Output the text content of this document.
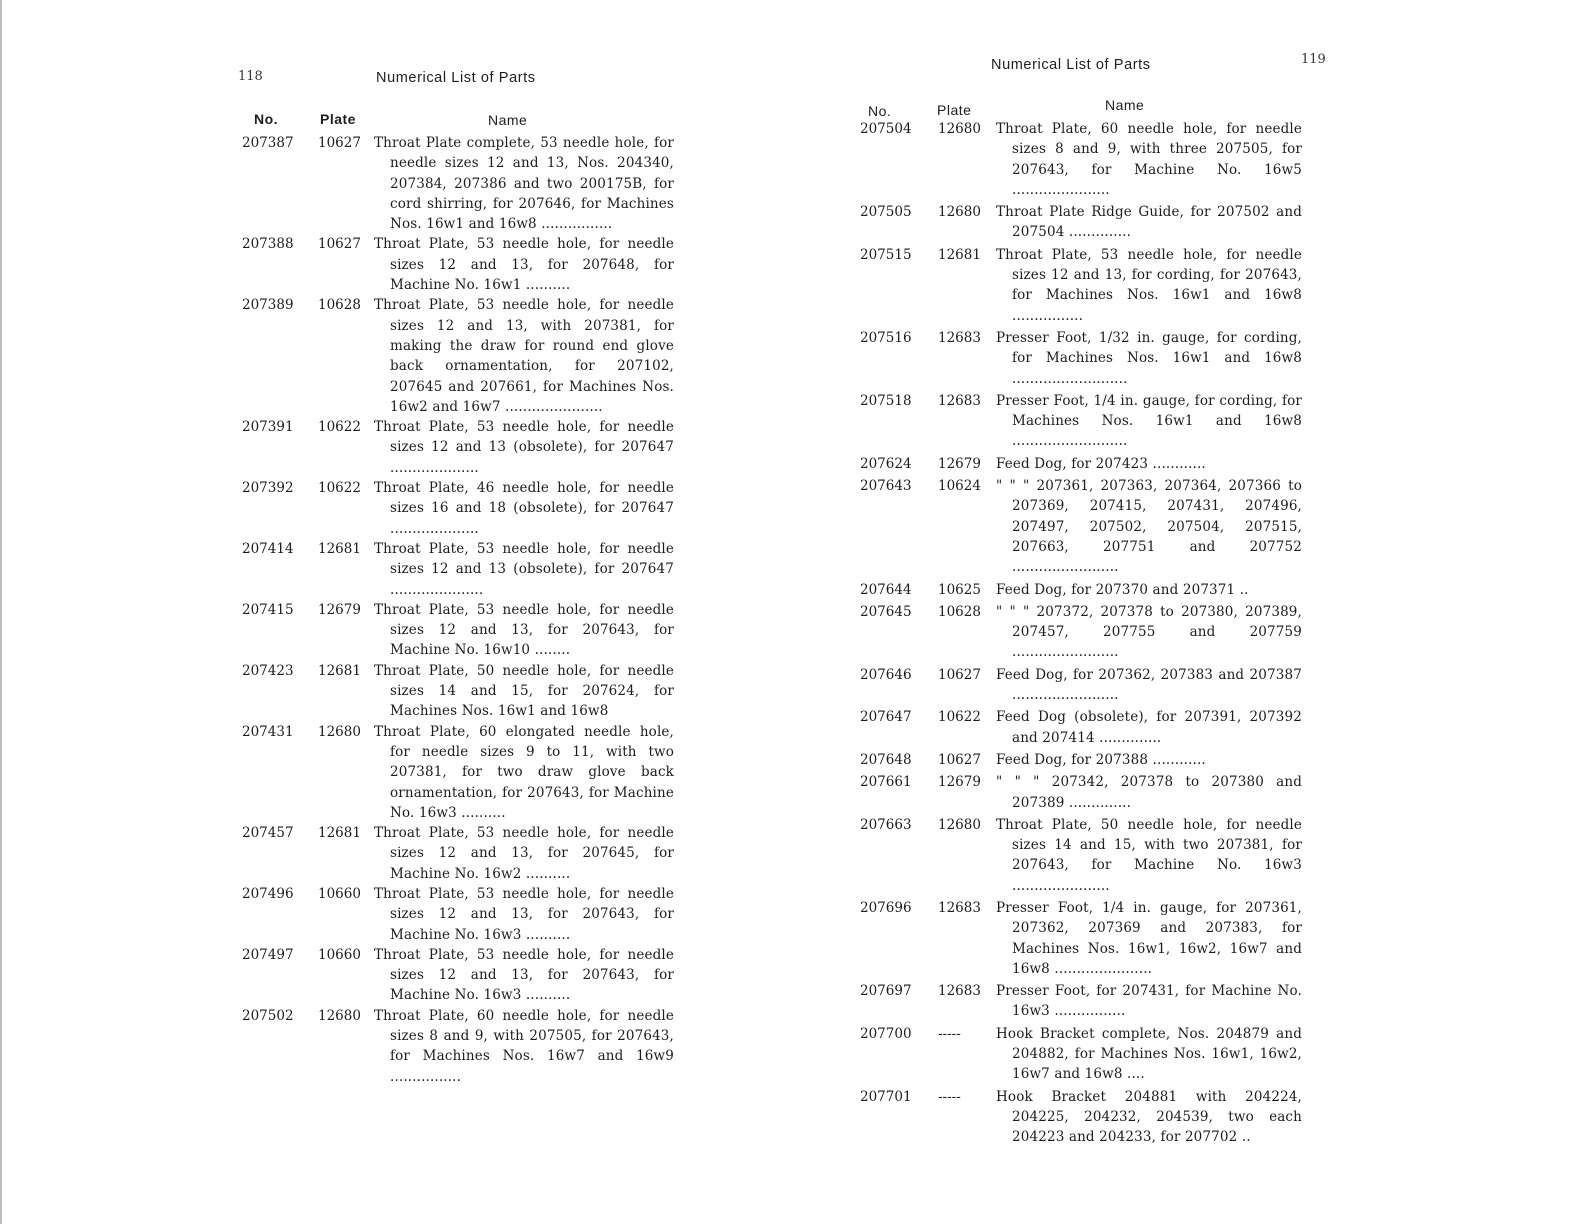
118	Numerical List of Parts
No.	Plate	Name
207387 10627 Throat Plate complete, 53 needle hole, for needle sizes 12 and 13, Nos. 204340, 207384, 207386 and two 200175B, for cord shirring, for 207646, for Machines Nos. 16w1 and 16w8 ................
207388 10627 Throat Plate, 53 needle hole, for needle sizes 12 and 13, for 207648, for Machine No. 16w1 ..........
207389 10628 Throat Plate, 53 needle hole, for needle sizes 12 and 13, with 207381, for making the draw for round end glove back ornamentation, for 207102, 207645 and 207661, for Machines Nos. 16w2 and 16w7 ......................
207391 10622 Throat Plate, 53 needle hole, for needle sizes 12 and 13 (obsolete), for 207647 ....................
207392 10622 Throat Plate, 46 needle hole, for needle sizes 16 and 18 (obsolete), for 207647 ....................
207414 12681 Throat Plate, 53 needle hole, for needle sizes 12 and 13 (obsolete), for 207647 .....................
207415 12679 Throat Plate, 53 needle hole, for needle sizes 12 and 13, for 207643, for Machine No. 16w10 ........
207423 12681 Throat Plate, 50 needle hole, for needle sizes 14 and 15, for 207624, for Machines Nos. 16w1 and 16w8
207431 12680 Throat Plate, 60 elongated needle hole, for needle sizes 9 to 11, with two 207381, for two draw glove back ornamentation, for 207643, for Machine No. 16w3 ..........
207457 12681 Throat Plate, 53 needle hole, for needle sizes 12 and 13, for 207645, for Machine No. 16w2 ..........
207496 10660 Throat Plate, 53 needle hole, for needle sizes 12 and 13, for 207643, for Machine No. 16w3 ..........
207497 10660 Throat Plate, 53 needle hole, for needle sizes 12 and 13, for 207643, for Machine No. 16w3 ..........
207502 12680 Throat Plate, 60 needle hole, for needle sizes 8 and 9, with 207505, for 207643, for Machines Nos. 16w7 and 16w9 ................
Numerical List of Parts	119
No.	Plate	Name
207504 12680 Throat Plate, 60 needle hole, for needle sizes 8 and 9, with three 207505, for 207643, for Machine No. 16w5 ......................
207505 12680 Throat Plate Ridge Guide, for 207502 and 207504 ..............
207515 12681 Throat Plate, 53 needle hole, for needle sizes 12 and 13, for cording, for 207643, for Machines Nos. 16w1 and 16w8 ................
207516 12683 Presser Foot, 1/32 in. gauge, for cording, for Machines Nos. 16w1 and 16w8 ..........................
207518 12683 Presser Foot, 1/4 in. gauge, for cording, for Machines Nos. 16w1 and 16w8 ..........................
207624 12679 Feed Dog, for 207423 ............
207643 10624 " " " 207361, 207363, 207364, 207366 to 207369, 207415, 207431, 207496, 207497, 207502, 207504, 207515, 207663, 207751 and 207752 ........................
207644 10625 Feed Dog, for 207370 and 207371 ..
207645 10628 " " " 207372, 207378 to 207380, 207389, 207457, 207755 and 207759 ........................
207646 10627 Feed Dog, for 207362, 207383 and 207387 ........................
207647 10622 Feed Dog (obsolete), for 207391, 207392 and 207414 ..............
207648 10627 Feed Dog, for 207388 ............
207661 12679 " " " 207342, 207378 to 207380 and 207389 ..............
207663 12680 Throat Plate, 50 needle hole, for needle sizes 14 and 15, with two 207381, for 207643, for Machine No. 16w3 ......................
207696 12683 Presser Foot, 1/4 in. gauge, for 207361, 207362, 207369 and 207383, for Machines Nos. 16w1, 16w2, 16w7 and 16w8 ......................
207697 12683 Presser Foot, for 207431, for Machine No. 16w3 ................
207700 -----	Hook Bracket complete, Nos. 204879 and 204882, for Machines Nos. 16w1, 16w2, 16w7 and 16w8 ....
207701 -----	Hook Bracket 204881 with 204224, 204225, 204232, 204539, two each 204223 and 204233, for 207702 ..
